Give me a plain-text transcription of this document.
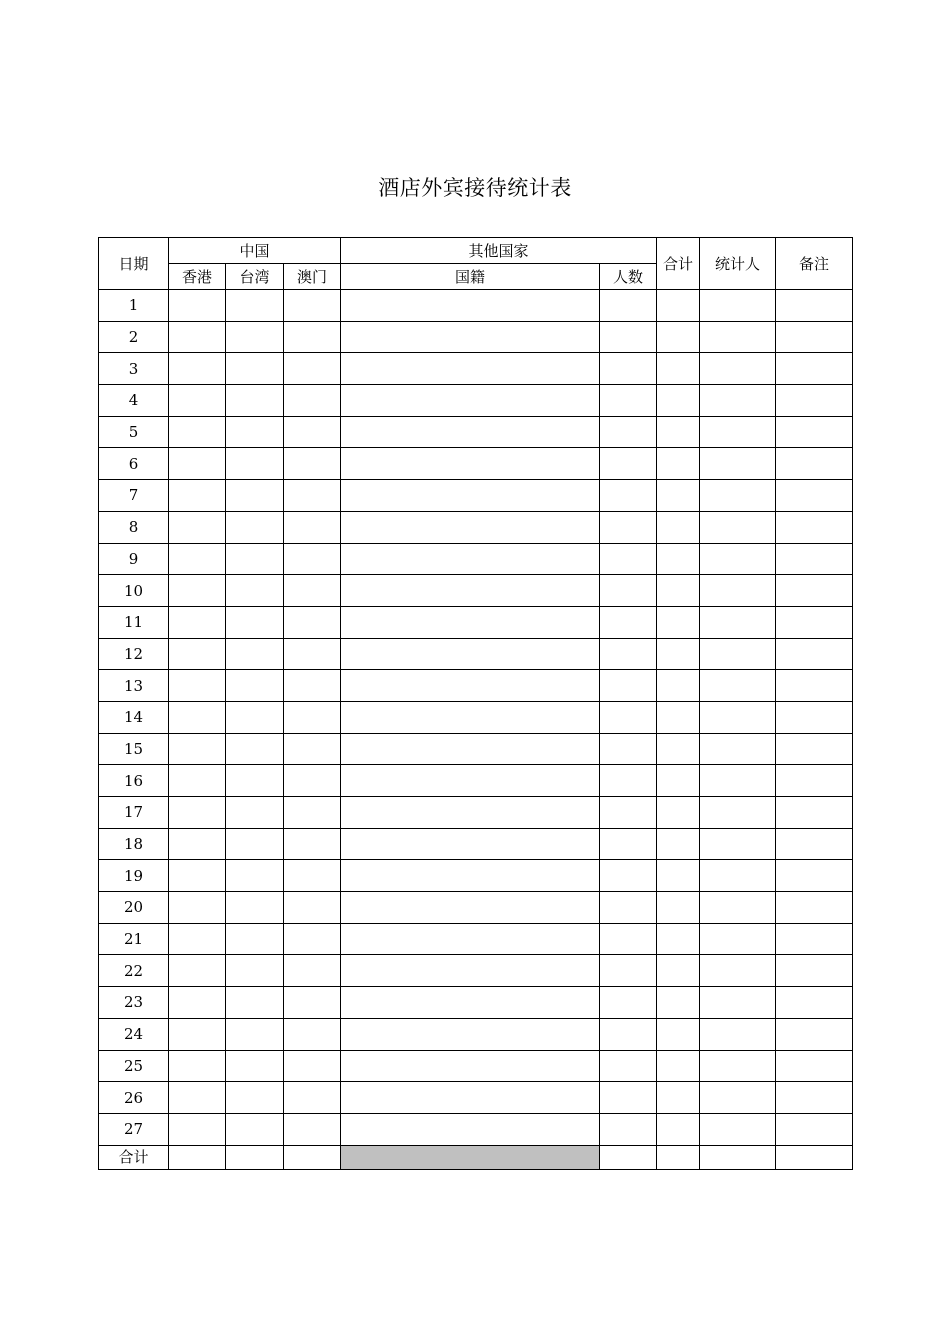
酒店外宾接待统计表
日期	中国			其他国家		合计	统计人	备注
	香港	台湾	澳门	国籍	人数			
1								
2								
3								
4								
5								
6								
7								
8								
9								
10								
11								
12								
13								
14								
15								
16								
17								
18								
19								
20								
21								
22								
23								
24								
25								
26								
27								
合计								
